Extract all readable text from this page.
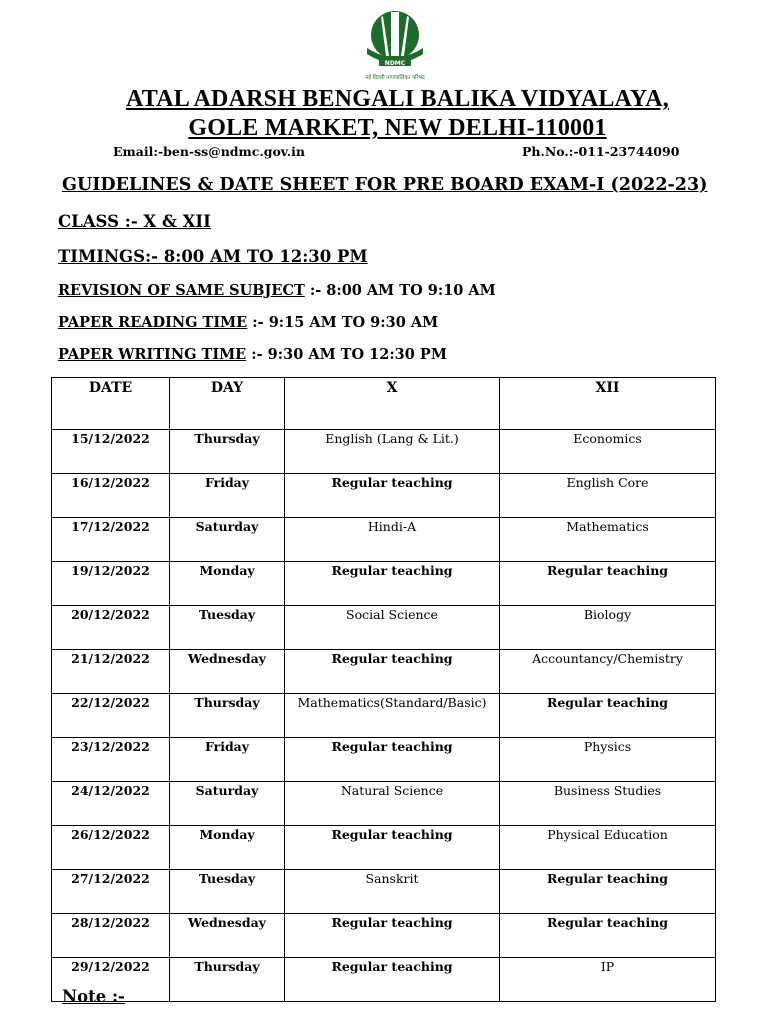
NDMC
नई दिल्ली नगरपालिका परिषद
ATAL ADARSH BENGALI BALIKA VIDYALAYA,
GOLE MARKET, NEW DELHI-110001
Email:-ben-ss@ndmc.gov.in	Ph.No.:-011-23744090
GUIDELINES & DATE SHEET FOR PRE BOARD EXAM-I (2022-23)
CLASS :- X & XII
TIMINGS:- 8:00 AM TO 12:30 PM
REVISION OF SAME SUBJECT :- 8:00 AM TO 9:10 AM
PAPER READING TIME :- 9:15 AM TO 9:30 AM
PAPER WRITING TIME :- 9:30 AM TO 12:30 PM
DATE	DAY	X	XII
15/12/2022	Thursday	English (Lang & Lit.)	Economics
16/12/2022	Friday	Regular teaching	English Core
17/12/2022	Saturday	Hindi-A	Mathematics
19/12/2022	Monday	Regular teaching	Regular teaching
20/12/2022	Tuesday	Social Science	Biology
21/12/2022	Wednesday	Regular teaching	Accountancy/Chemistry
22/12/2022	Thursday	Mathematics(Standard/Basic)	Regular teaching
23/12/2022	Friday	Regular teaching	Physics
24/12/2022	Saturday	Natural Science	Business Studies
26/12/2022	Monday	Regular teaching	Physical Education
27/12/2022	Tuesday	Sanskrit	Regular teaching
28/12/2022	Wednesday	Regular teaching	Regular teaching
29/12/2022	Thursday	Regular teaching	IP
Note :-
